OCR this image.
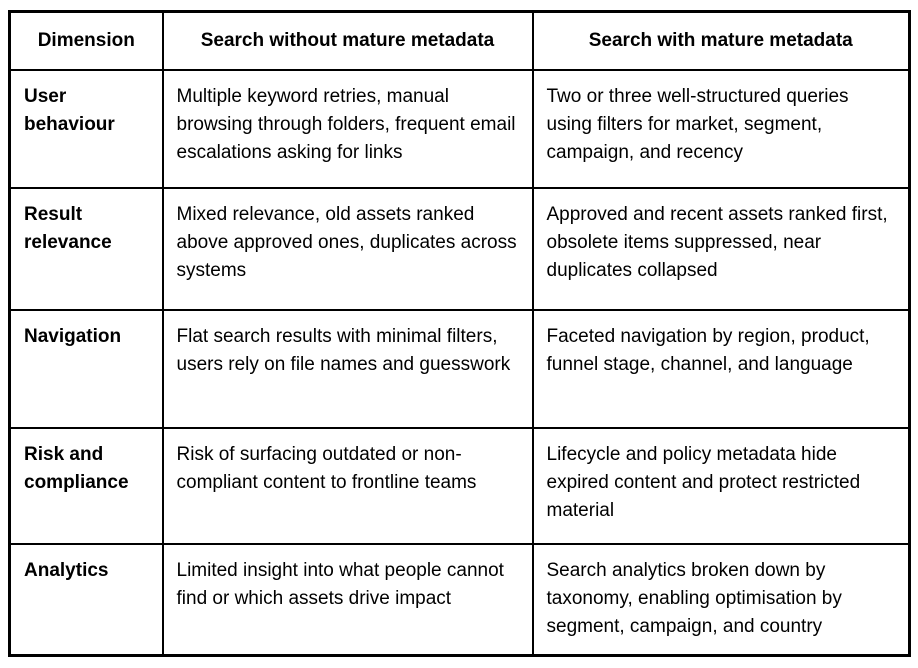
Dimension	Search without mature metadata	Search with mature metadata
User behaviour	Multiple keyword retries, manual browsing through folders, frequent email escalations asking for links	Two or three well-structured queries using filters for market, segment, campaign, and recency
Result relevance	Mixed relevance, old assets ranked above approved ones, duplicates across systems	Approved and recent assets ranked first, obsolete items suppressed, near duplicates collapsed
Navigation	Flat search results with minimal filters, users rely on file names and guesswork	Faceted navigation by region, product, funnel stage, channel, and language
Risk and compliance	Risk of surfacing outdated or non-compliant content to frontline teams	Lifecycle and policy metadata hide expired content and protect restricted material
Analytics	Limited insight into what people cannot find or which assets drive impact	Search analytics broken down by taxonomy, enabling optimisation by segment, campaign, and country
